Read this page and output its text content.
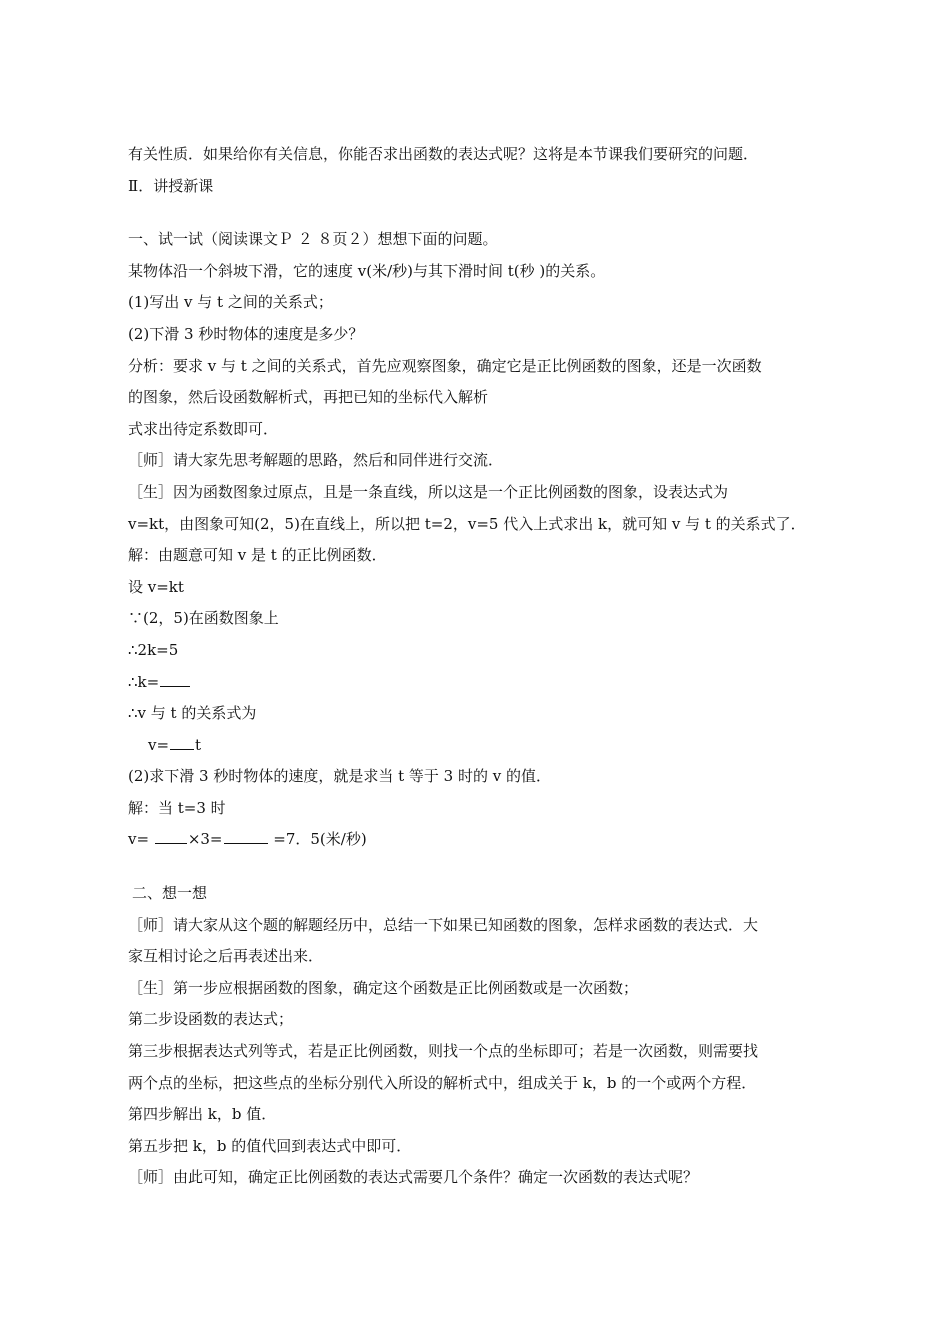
有关性质．如果给你有关信息，你能否求出函数的表达式呢？这将是本节课我们要研究的问题．

Ⅱ．讲授新课

一、试一试（阅读课文Ｐ ２ ８页２）想想下面的问题。

某物体沿一个斜坡下滑，它的速度 v(米/秒)与其下滑时间 t(秒 )的关系。

(1)写出 v 与 t 之间的关系式；

(2)下滑 3 秒时物体的速度是多少？

分析：要求 v 与 t 之间的关系式，首先应观察图象，确定它是正比例函数的图象，还是一次函数

的图象，然后设函数解析式，再把已知的坐标代入解析

式求出待定系数即可．

［师］请大家先思考解题的思路，然后和同伴进行交流．

［生］因为函数图象过原点，且是一条直线，所以这是一个正比例函数的图象，设表达式为

v=kt，由图象可知(2，5)在直线上，所以把 t=2，v=5 代入上式求出 k，就可知 v 与 t 的关系式了．

解：由题意可知 v 是 t 的正比例函数．

设 v=kt

∵(2，5)在函数图象上

∴2k=5

∴k=

∴v 与 t 的关系式为

v= t

(2)求下滑 3 秒时物体的速度，就是求当 t 等于 3 时的 v 的值．

解：当 t=3 时

v= ×3=	=7．5(米/秒)

二、想一想

［师］请大家从这个题的解题经历中，总结一下如果已知函数的图象，怎样求函数的表达式．大

家互相讨论之后再表述出来．

［生］第一步应根据函数的图象，确定这个函数是正比例函数或是一次函数；

第二步设函数的表达式；

第三步根据表达式列等式，若是正比例函数，则找一个点的坐标即可；若是一次函数，则需要找

两个点的坐标，把这些点的坐标分别代入所设的解析式中，组成关于 k，b 的一个或两个方程．

第四步解出 k，b 值．

第五步把 k，b 的值代回到表达式中即可．

［师］由此可知，确定正比例函数的表达式需要几个条件？确定一次函数的表达式呢？
